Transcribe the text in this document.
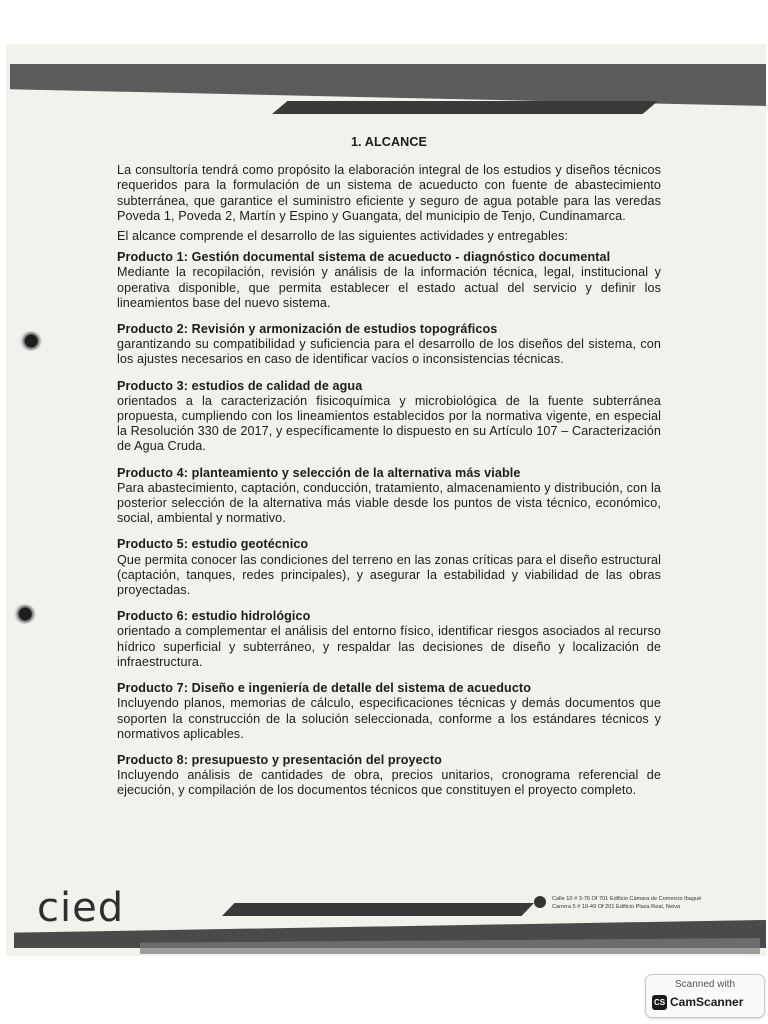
1. ALCANCE

La consultoría tendrá como propósito la elaboración integral de los estudios y diseños técnicos requeridos para la formulación de un sistema de acueducto con fuente de abastecimiento subterránea, que garantice el suministro eficiente y seguro de agua potable para las veredas Poveda 1, Poveda 2, Martín y Espino y Guangata, del municipio de Tenjo, Cundinamarca.

El alcance comprende el desarrollo de las siguientes actividades y entregables:

Producto 1: Gestión documental sistema de acueducto - diagnóstico documental
Mediante la recopilación, revisión y análisis de la información técnica, legal, institucional y operativa disponible, que permita establecer el estado actual del servicio y definir los lineamientos base del nuevo sistema.
Producto 2: Revisión y armonización de estudios topográficos
garantizando su compatibilidad y suficiencia para el desarrollo de los diseños del sistema, con los ajustes necesarios en caso de identificar vacíos o inconsistencias técnicas.
Producto 3: estudios de calidad de agua
orientados a la caracterización fisicoquímica y microbiológica de la fuente subterránea propuesta, cumpliendo con los lineamientos establecidos por la normativa vigente, en especial la Resolución 330 de 2017, y específicamente lo dispuesto en su Artículo 107 – Caracterización de Agua Cruda.
Producto 4: planteamiento y selección de la alternativa más viable
Para abastecimiento, captación, conducción, tratamiento, almacenamiento y distribución, con la posterior selección de la alternativa más viable desde los puntos de vista técnico, económico, social, ambiental y normativo.
Producto 5: estudio geotécnico
Que permita conocer las condiciones del terreno en las zonas críticas para el diseño estructural (captación, tanques, redes principales), y asegurar la estabilidad y viabilidad de las obras proyectadas.
Producto 6: estudio hidrológico
orientado a complementar el análisis del entorno físico, identificar riesgos asociados al recurso hídrico superficial y subterráneo, y respaldar las decisiones de diseño y localización de infraestructura.
Producto 7: Diseño e ingeniería de detalle del sistema de acueducto
Incluyendo planos, memorias de cálculo, especificaciones técnicas y demás documentos que soporten la construcción de la solución seleccionada, conforme a los estándares técnicos y normativos aplicables.
Producto 8: presupuesto y presentación del proyecto
Incluyendo análisis de cantidades de obra, precios unitarios, cronograma referencial de ejecución, y compilación de los documentos técnicos que constituyen el proyecto completo.
cied	Calle 10 # 3-76 Of 701 Edificio Cámara de Comercio Ibagué
Carrera 5 # 10-49 Of 201 Edificio Plaza Real, Neiva
Scanned with
CS CamScanner
